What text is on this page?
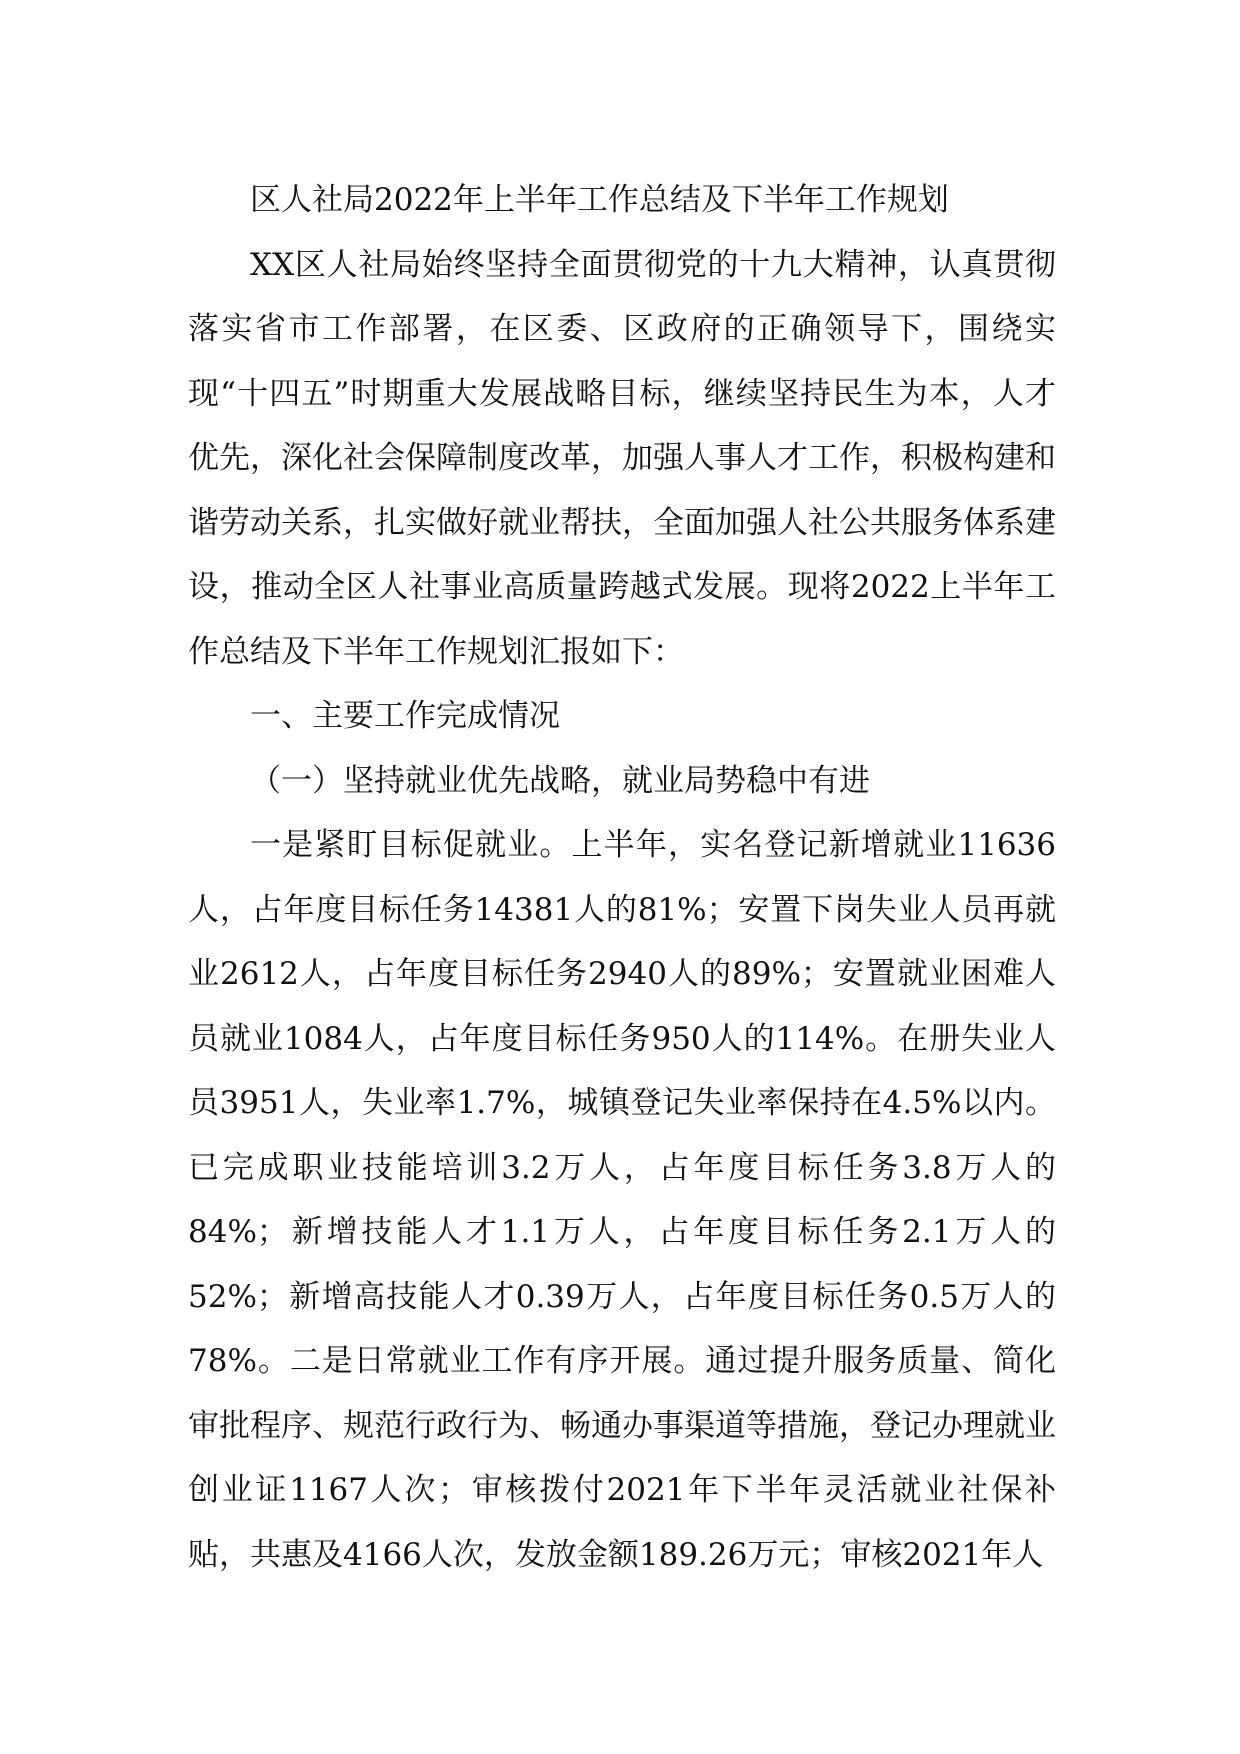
区人社局2022年上半年工作总结及下半年工作规划

XX区人社局始终坚持全面贯彻党的十九大精神，认真贯彻落实省市工作部署，在区委、区政府的正确领导下，围绕实现“十四五”时期重大发展战略目标，继续坚持民生为本，人才优先，深化社会保障制度改革，加强人事人才工作，积极构建和谐劳动关系，扎实做好就业帮扶，全面加强人社公共服务体系建设，推动全区人社事业高质量跨越式发展。现将2022上半年工作总结及下半年工作规划汇报如下：

一、主要工作完成情况
（一）坚持就业优先战略，就业局势稳中有进

一是紧盯目标促就业。上半年，实名登记新增就业11636人，占年度目标任务14381人的81%；安置下岗失业人员再就业2612人，占年度目标任务2940人的89%；安置就业困难人员就业1084人，占年度目标任务950人的114%。在册失业人员3951人，失业率1.7%，城镇登记失业率保持在4.5%以内。已完成职业技能培训3.2万人，占年度目标任务3.8万人的84%；新增技能人才1.1万人，占年度目标任务2.1万人的52%；新增高技能人才0.39万人，占年度目标任务0.5万人的78%。二是日常就业工作有序开展。通过提升服务质量、简化审批程序、规范行政行为、畅通办事渠道等措施，登记办理就业创业证1167人次；审核拨付2021年下半年灵活就业社保补贴，共惠及4166人次，发放金额189.26万元；审核2021年人
